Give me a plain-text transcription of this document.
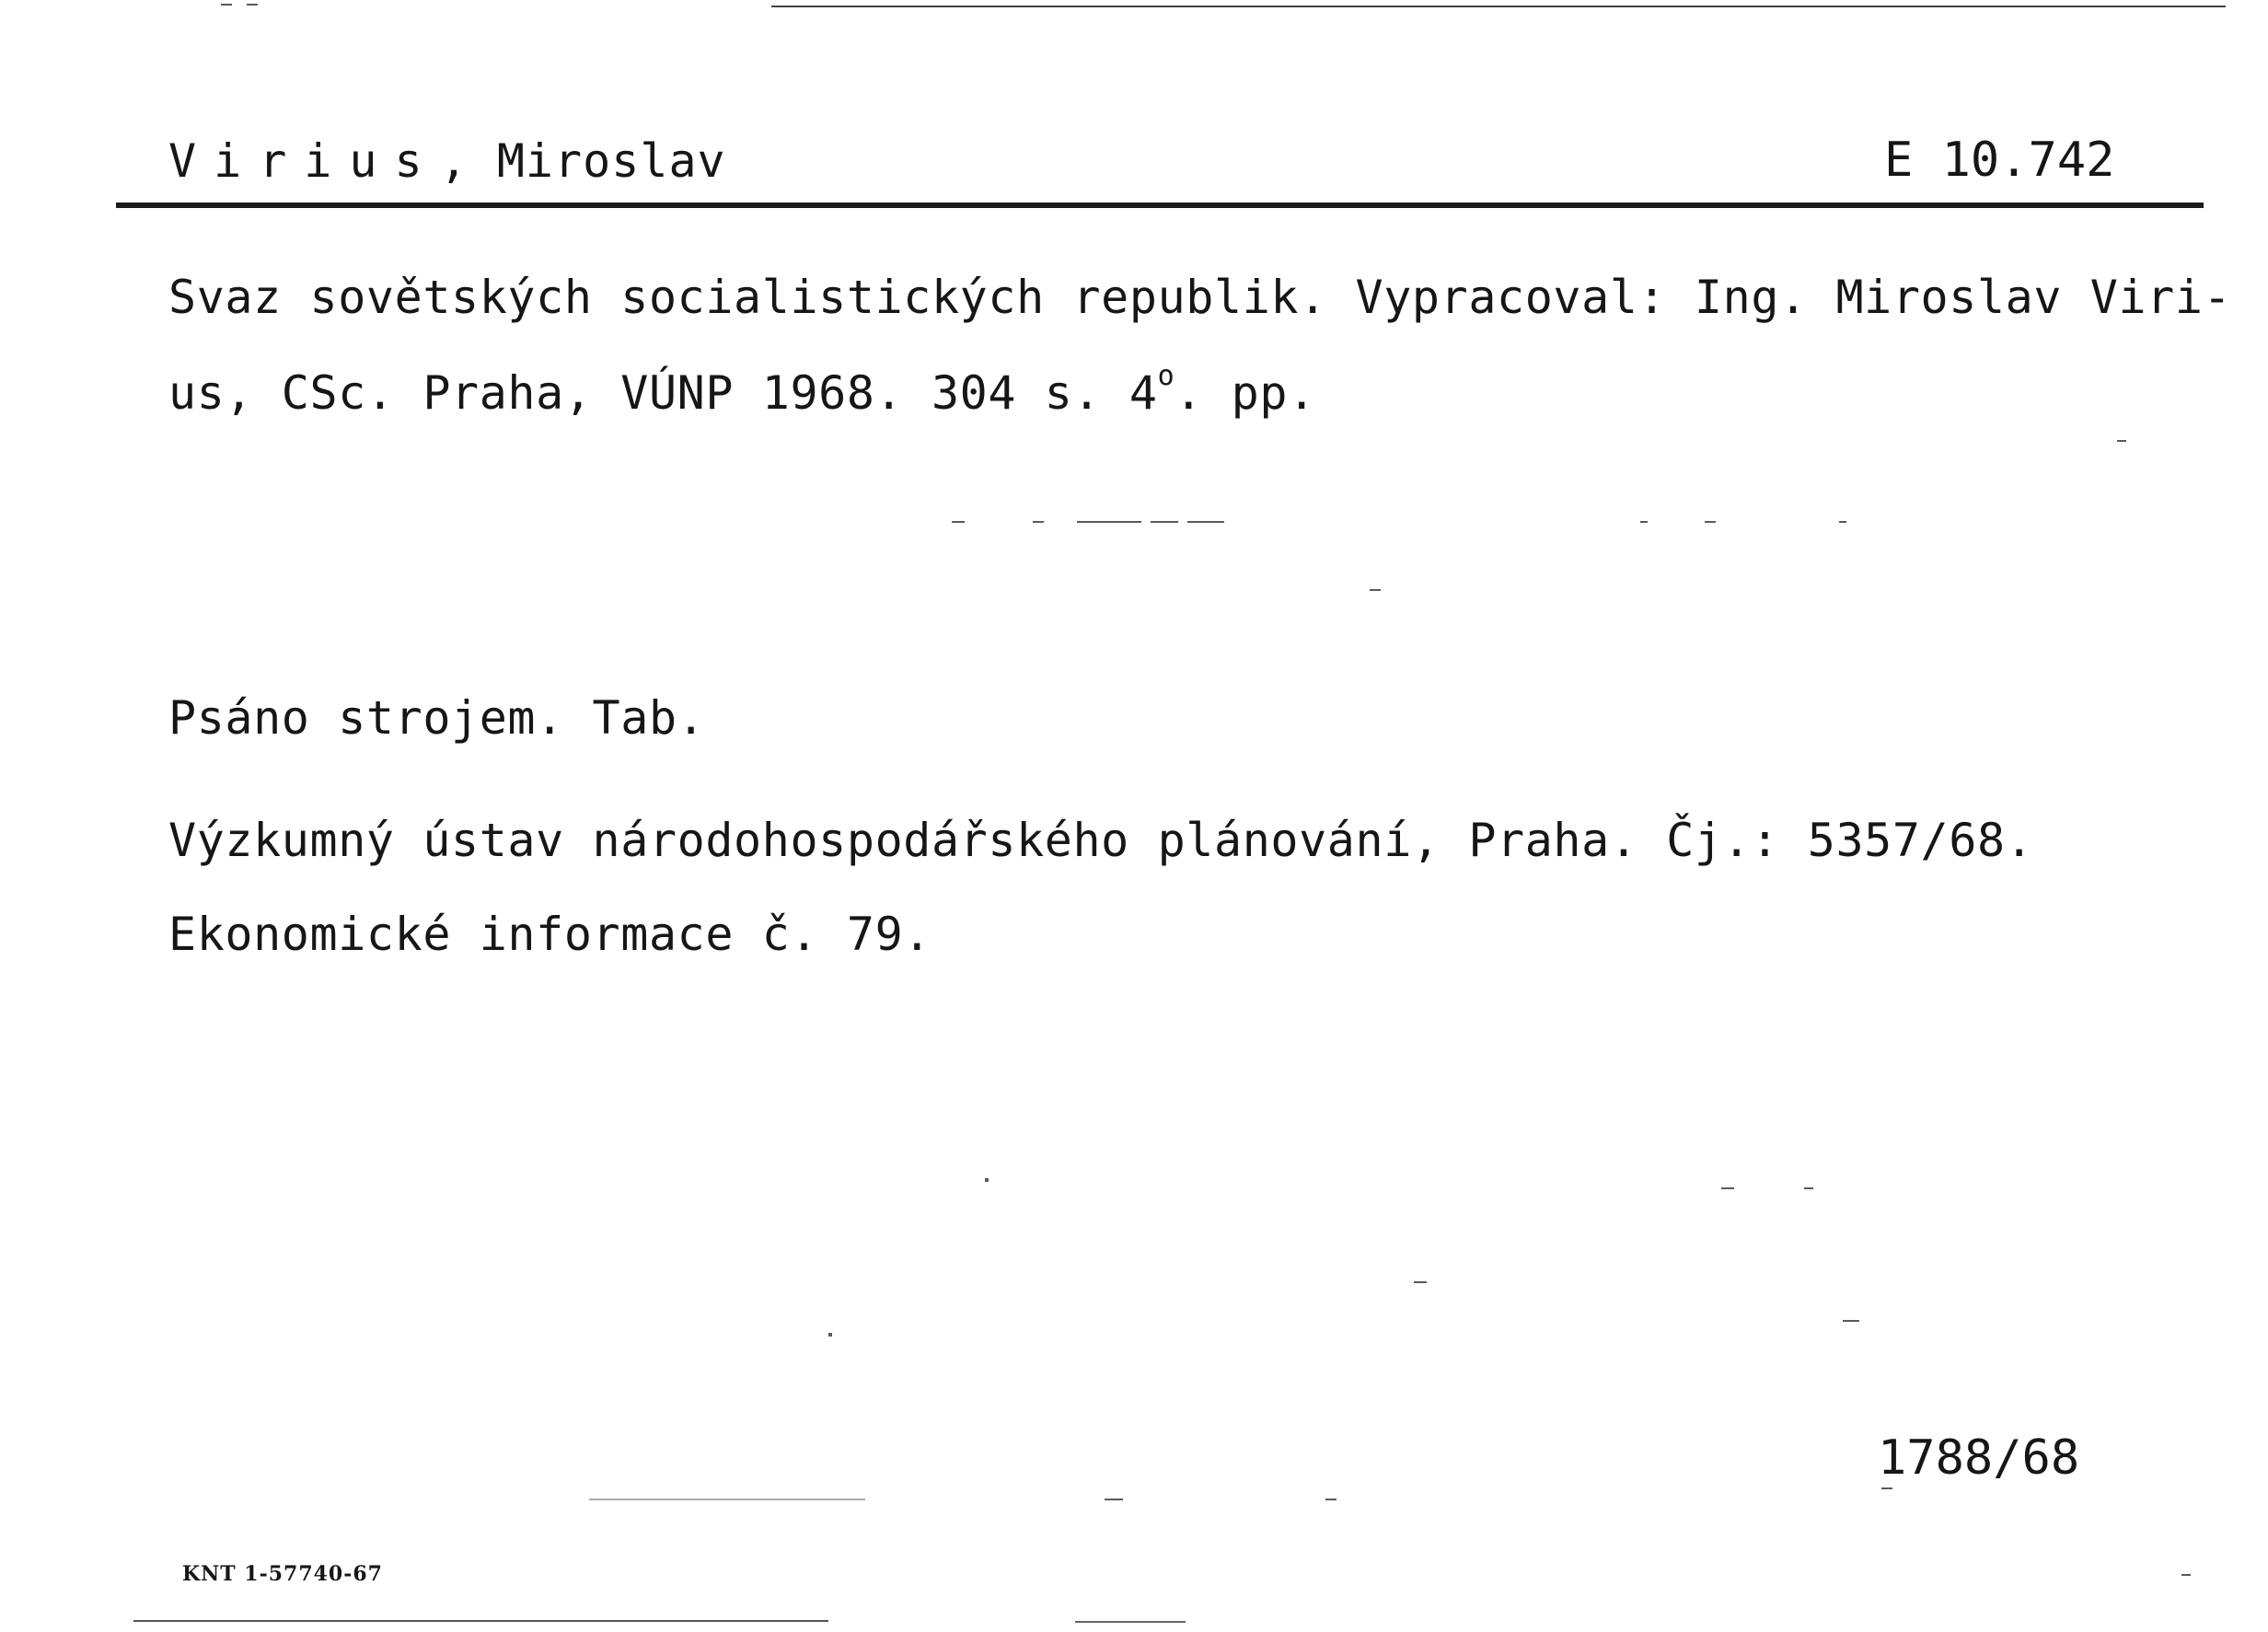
Virius, Miroslav	E 10.742
Svaz sovětských socialistických republik. Vypracoval: Ing. Miroslav Viri-
us, CSc. Praha, VÚNP 1968. 304 s. 4$^o$. pp.
Psáno strojem. Tab.
Výzkumný ústav národohospodářského plánování, Praha. Čj.: 5357/68.
Ekonomické informace č. 79.
1788/68
KNT 1-57740-67
